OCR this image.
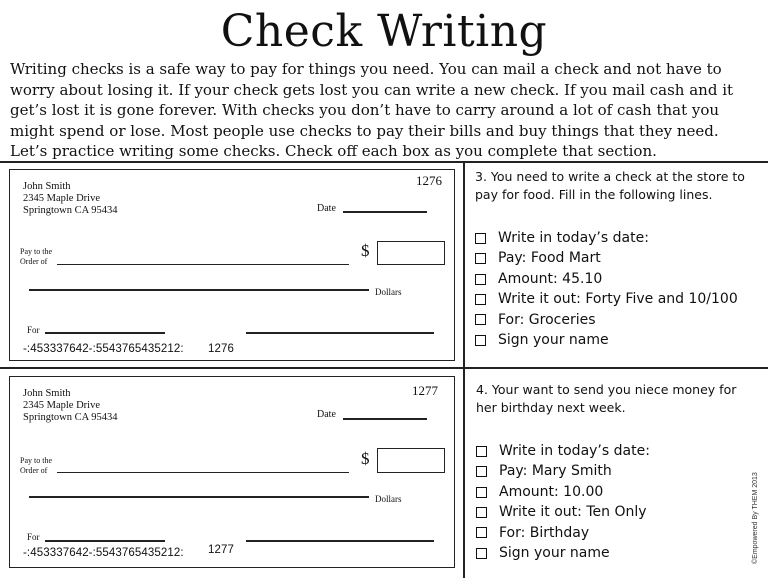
Check Writing
Writing checks is a safe way to pay for things you need. You can mail a check and not have to worry about losing it. If your check gets lost you can write a new check. If you mail cash and it get’s lost it is gone forever. With checks you don’t have to carry around a lot of cash that you might spend or lose. Most people use checks to pay their bills and buy things that they need. Let’s practice writing some checks. Check off each box as you complete that section.
John Smith
2345 Maple Drive
Springtown CA 95434
1276
Date
Pay to the
Order of
$
Dollars
For
-:453337642-:5543765435212: 1276
John Smith
2345 Maple Drive
Springtown CA 95434
1277
Date
Pay to the
Order of
$
Dollars
For
-:453337642-:5543765435212: 1277
3. You need to write a check at the store to pay for food. Fill in the following lines.
Write in today’s date:
Pay: Food Mart
Amount: 45.10
Write it out: Forty Five and 10/100
For: Groceries
Sign your name
4. Your want to send you niece money for her birthday next week.
Write in today’s date:
Pay: Mary Smith
Amount: 10.00
Write it out: Ten Only
For: Birthday
Sign your name	©Empowered By THEM 2013
